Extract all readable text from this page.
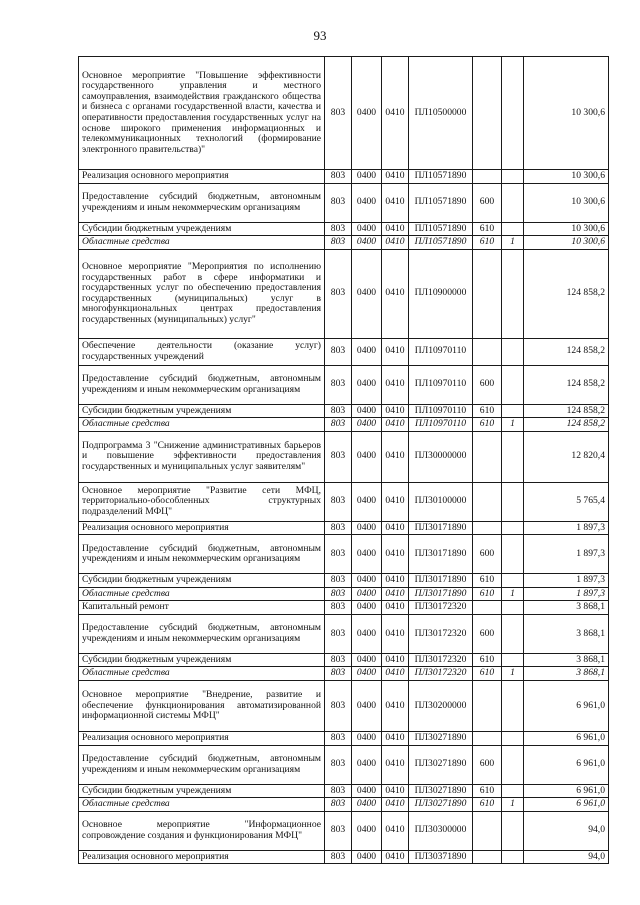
93
Основное мероприятие "Повышение эффективности государственного управления и местного самоуправления, взаимодействия гражданского общества и бизнеса с органами государственной власти, качества и оперативности предоставления государственных услуг на основе широкого применения информационных и телекоммуникационных технологий (формирование электронного правительства)"	803	0400	0410	ПЛ10500000			10 300,6
Реализация основного мероприятия	803	0400	0410	ПЛ10571890			10 300,6
Предоставление субсидий бюджетным, автономным учреждениям и иным некоммерческим организациям	803	0400	0410	ПЛ10571890	600		10 300,6
Субсидии бюджетным учреждениям	803	0400	0410	ПЛ10571890	610		10 300,6
Областные средства	803	0400	0410	ПЛ10571890	610	1	10 300,6
Основное мероприятие "Мероприятия по исполнению государственных работ в сфере информатики и государственных услуг по обеспечению предоставления государственных (муниципальных) услуг в многофункциональных центрах предоставления государственных (муниципальных) услуг"	803	0400	0410	ПЛ10900000			124 858,2
Обеспечение деятельности (оказание услуг) государственных учреждений	803	0400	0410	ПЛ10970110			124 858,2
Предоставление субсидий бюджетным, автономным учреждениям и иным некоммерческим организациям	803	0400	0410	ПЛ10970110	600		124 858,2
Субсидии бюджетным учреждениям	803	0400	0410	ПЛ10970110	610		124 858,2
Областные средства	803	0400	0410	ПЛ10970110	610	1	124 858,2
Подпрограмма 3 "Снижение административных барьеров и повышение эффективности предоставления государственных и муниципальных услуг заявителям"	803	0400	0410	ПЛ30000000			12 820,4
Основное мероприятие "Развитие сети МФЦ, территориально-обособленных структурных подразделений МФЦ"	803	0400	0410	ПЛ30100000			5 765,4
Реализация основного мероприятия	803	0400	0410	ПЛ30171890			1 897,3
Предоставление субсидий бюджетным, автономным учреждениям и иным некоммерческим организациям	803	0400	0410	ПЛ30171890	600		1 897,3
Субсидии бюджетным учреждениям	803	0400	0410	ПЛ30171890	610		1 897,3
Областные средства	803	0400	0410	ПЛ30171890	610	1	1 897,3
Капитальный ремонт	803	0400	0410	ПЛ30172320			3 868,1
Предоставление субсидий бюджетным, автономным учреждениям и иным некоммерческим организациям	803	0400	0410	ПЛ30172320	600		3 868,1
Субсидии бюджетным учреждениям	803	0400	0410	ПЛ30172320	610		3 868,1
Областные средства	803	0400	0410	ПЛ30172320	610	1	3 868,1
Основное мероприятие "Внедрение, развитие и обеспечение функционирования автоматизированной информационной системы МФЦ"	803	0400	0410	ПЛ30200000			6 961,0
Реализация основного мероприятия	803	0400	0410	ПЛ30271890			6 961,0
Предоставление субсидий бюджетным, автономным учреждениям и иным некоммерческим организациям	803	0400	0410	ПЛ30271890	600		6 961,0
Субсидии бюджетным учреждениям	803	0400	0410	ПЛ30271890	610		6 961,0
Областные средства	803	0400	0410	ПЛ30271890	610	1	6 961,0
Основное мероприятие "Информационное сопровождение создания и функционирования МФЦ"	803	0400	0410	ПЛ30300000			94,0
Реализация основного мероприятия	803	0400	0410	ПЛ30371890			94,0
